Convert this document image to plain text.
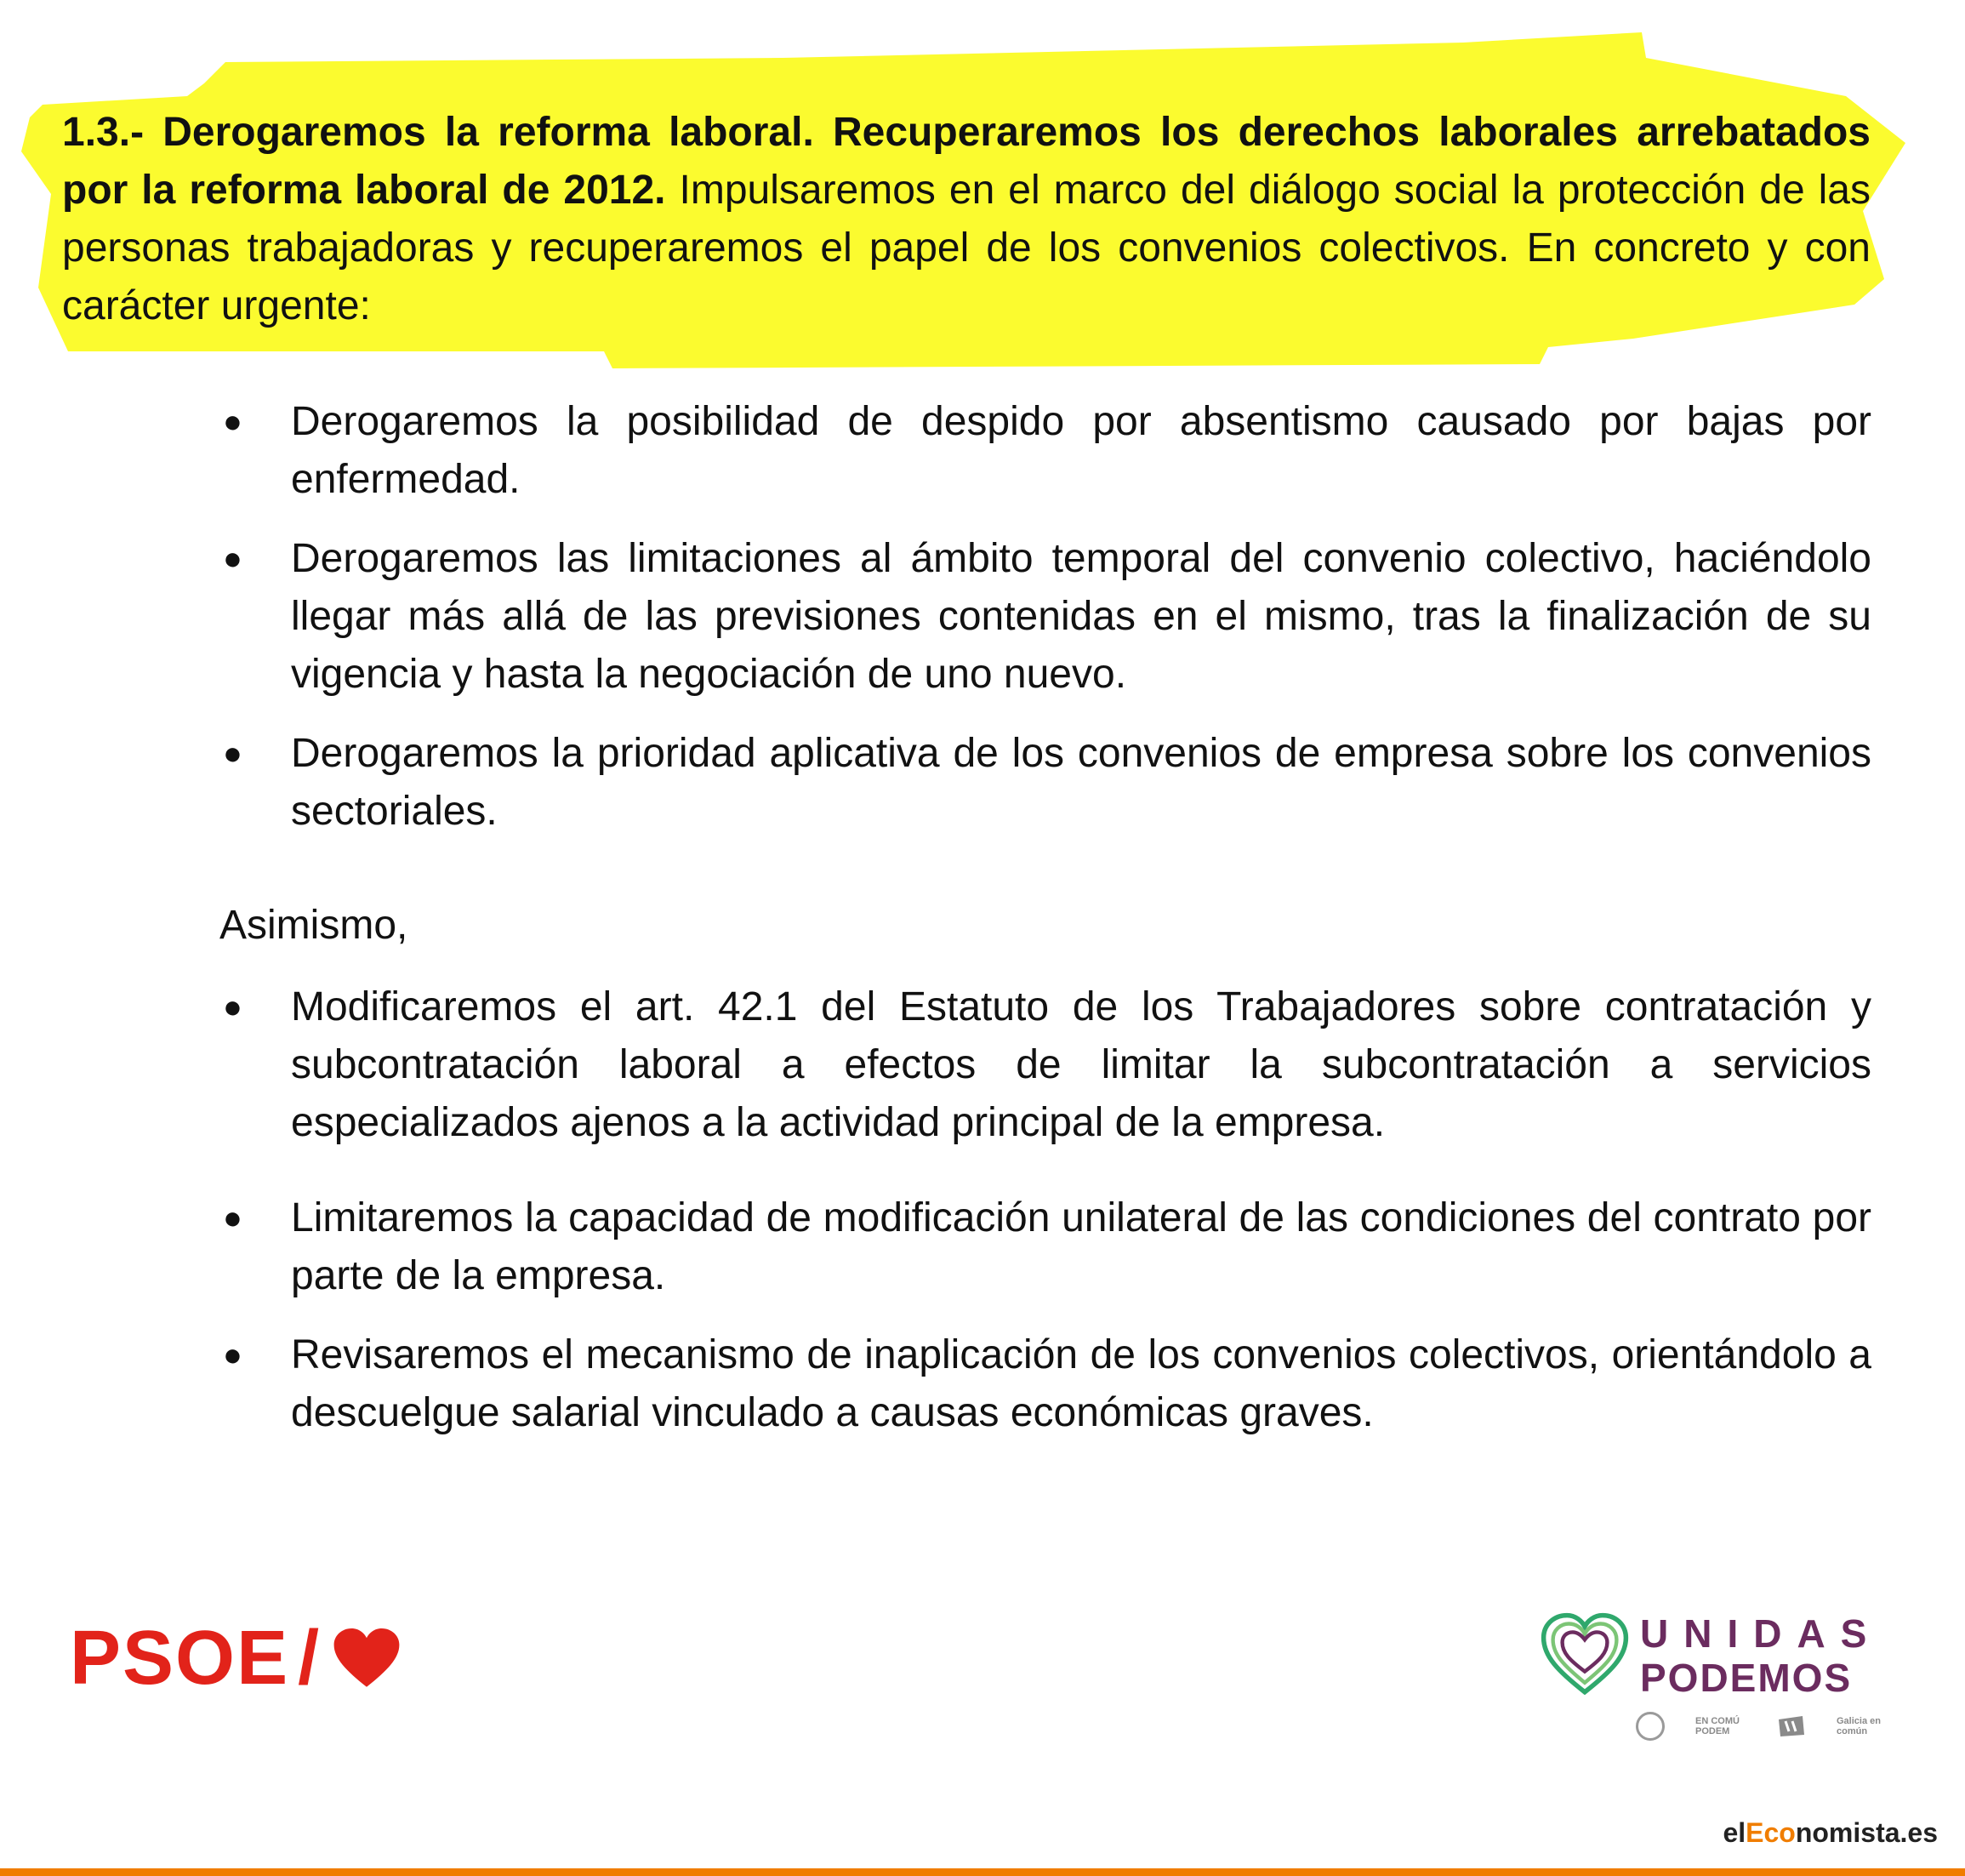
1.3.- Derogaremos la reforma laboral. Recuperaremos los derechos laborales arrebatados por la reforma laboral de 2012. Impulsaremos en el marco del diálogo social la protección de las personas trabajadoras y recuperaremos el papel de los convenios colectivos. En concreto y con carácter urgente:

● Derogaremos la posibilidad de despido por absentismo causado por bajas por enfermedad.
● Derogaremos las limitaciones al ámbito temporal del convenio colectivo, haciéndolo llegar más allá de las previsiones contenidas en el mismo, tras la finalización de su vigencia y hasta la negociación de uno nuevo.
● Derogaremos la prioridad aplicativa de los convenios de empresa sobre los convenios sectoriales.

Asimismo,

● Modificaremos el art. 42.1 del Estatuto de los Trabajadores sobre contratación y subcontratación laboral a efectos de limitar la subcontratación a servicios especializados ajenos a la actividad principal de la empresa.
● Limitaremos la capacidad de modificación unilateral de las condiciones del contrato por parte de la empresa.
● Revisaremos el mecanismo de inaplicación de los convenios colectivos, orientándolo a descuelgue salarial vinculado a causas económicas graves.
PSOE /	UNIDAS
PODEMOS
EN COMÚ PODEM
Galicia en común
elEconomista.es
